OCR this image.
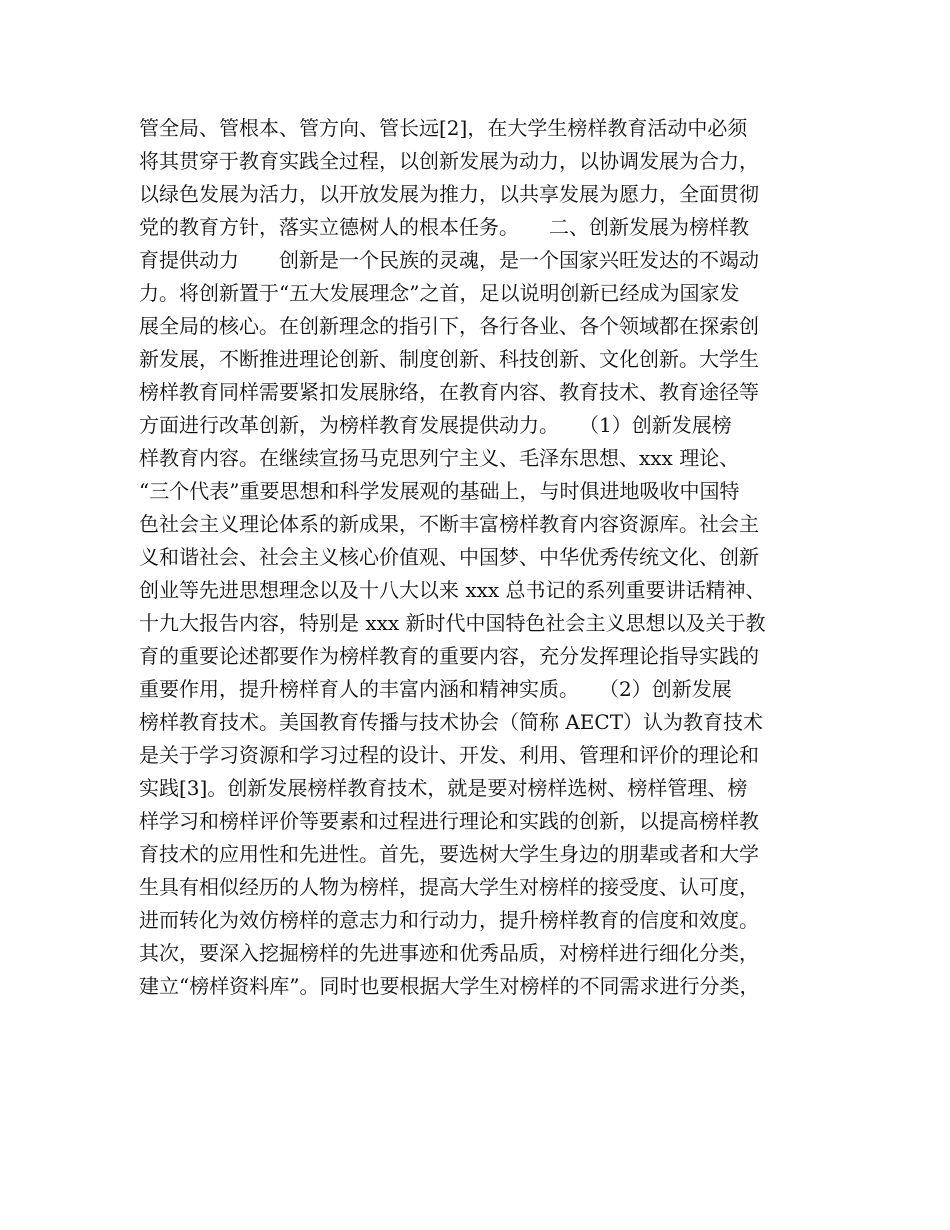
管全局、管根本、管方向、管长远[2]，在大学生榜样教育活动中必须
将其贯穿于教育实践全过程，以创新发展为动力，以协调发展为合力，
以绿色发展为活力，以开放发展为推力，以共享发展为愿力，全面贯彻
党的教育方针，落实立德树人的根本任务。　　二、创新发展为榜样教
育提供动力　　创新是一个民族的灵魂，是一个国家兴旺发达的不竭动
力。将创新置于“五大发展理念”之首，足以说明创新已经成为国家发
展全局的核心。在创新理念的指引下，各行各业、各个领域都在探索创
新发展，不断推进理论创新、制度创新、科技创新、文化创新。大学生
榜样教育同样需要紧扣发展脉络，在教育内容、教育技术、教育途径等
方面进行改革创新，为榜样教育发展提供动力。　　（1）创新发展榜
样教育内容。在继续宣扬马克思列宁主义、毛泽东思想、xxx 理论、
“三个代表”重要思想和科学发展观的基础上，与时俱进地吸收中国特
色社会主义理论体系的新成果，不断丰富榜样教育内容资源库。社会主
义和谐社会、社会主义核心价值观、中国梦、中华优秀传统文化、创新
创业等先进思想理念以及十八大以来 xxx 总书记的系列重要讲话精神、
十九大报告内容，特别是 xxx 新时代中国特色社会主义思想以及关于教
育的重要论述都要作为榜样教育的重要内容，充分发挥理论指导实践的
重要作用，提升榜样育人的丰富内涵和精神实质。　　（2）创新发展
榜样教育技术。美国教育传播与技术协会（简称 AECT）认为教育技术
是关于学习资源和学习过程的设计、开发、利用、管理和评价的理论和
实践[3]。创新发展榜样教育技术，就是要对榜样选树、榜样管理、榜
样学习和榜样评价等要素和过程进行理论和实践的创新，以提高榜样教
育技术的应用性和先进性。首先，要选树大学生身边的朋辈或者和大学
生具有相似经历的人物为榜样，提高大学生对榜样的接受度、认可度，
进而转化为效仿榜样的意志力和行动力，提升榜样教育的信度和效度。
其次，要深入挖掘榜样的先进事迹和优秀品质，对榜样进行细化分类，
建立“榜样资料库”。同时也要根据大学生对榜样的不同需求进行分类，
